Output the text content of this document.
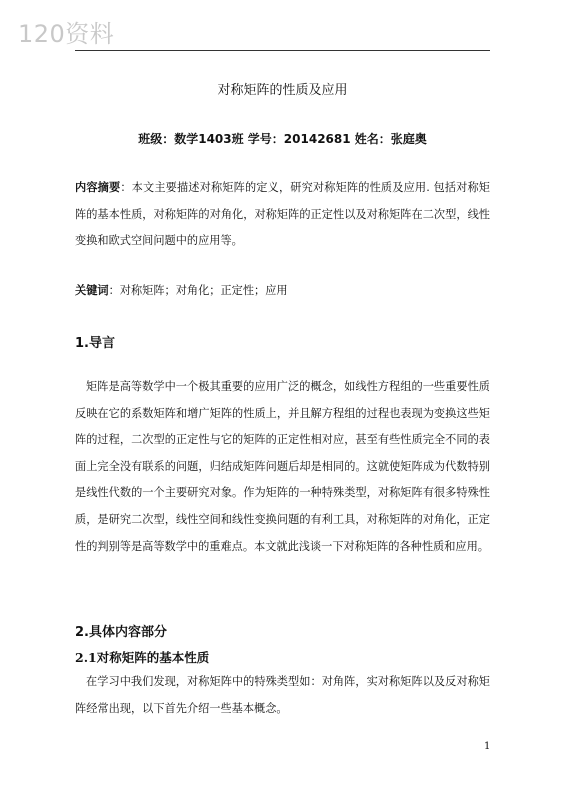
120资料
对称矩阵的性质及应用
班级：数学1403班 学号：20142681 姓名：张庭奥

内容摘要：本文主要描述对称矩阵的定义，研究对称矩阵的性质及应用. 包括对称矩阵的基本性质，对称矩阵的对角化，对称矩阵的正定性以及对称矩阵在二次型，线性变换和欧式空间问题中的应用等。

关键词：对称矩阵；对角化；正定性；应用

1.导言

矩阵是高等数学中一个极其重要的应用广泛的概念，如线性方程组的一些重要性质反映在它的系数矩阵和增广矩阵的性质上，并且解方程组的过程也表现为变换这些矩阵的过程，二次型的正定性与它的矩阵的正定性相对应，甚至有些性质完全不同的表面上完全没有联系的问题，归结成矩阵问题后却是相同的。这就使矩阵成为代数特别是线性代数的一个主要研究对象。作为矩阵的一种特殊类型，对称矩阵有很多特殊性质，是研究二次型，线性空间和线性变换问题的有利工具，对称矩阵的对角化，正定性的判别等是高等数学中的重难点。本文就此浅谈一下对称矩阵的各种性质和应用。

2.具体内容部分
2.1对称矩阵的基本性质

在学习中我们发现，对称矩阵中的特殊类型如：对角阵，实对称矩阵以及反对称矩阵经常出现，以下首先介绍一些基本概念。

1
